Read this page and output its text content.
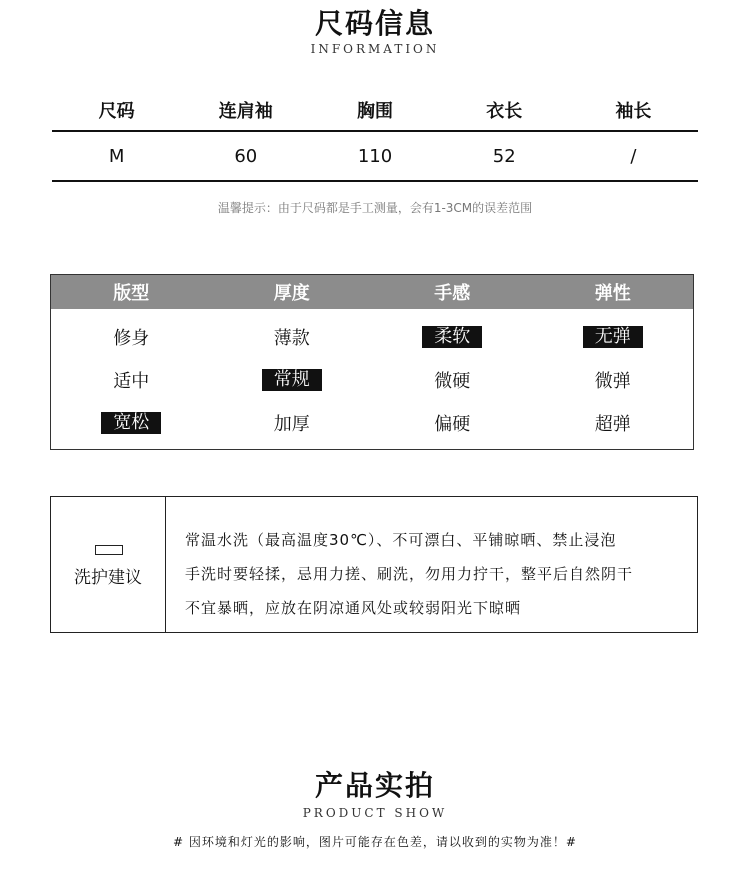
尺码信息
INFORMATION
尺码	连肩袖	胸围	衣长	袖长
M	60	110	52	/
温馨提示：由于尺码都是手工测量，会有1-3CM的误差范围
版型	厚度	手感	弹性
修身	薄款	柔软	无弹
适中	常规	微硬	微弹
宽松	加厚	偏硬	超弹
洗护建议
常温水洗（最高温度30℃）、不可漂白、平铺晾晒、禁止浸泡
手洗时要轻揉，忌用力搓、刷洗，勿用力拧干，整平后自然阴干
不宜暴晒，应放在阴凉通风处或较弱阳光下晾晒
产品实拍
PRODUCT SHOW
# 因环境和灯光的影响，图片可能存在色差，请以收到的实物为准！#
